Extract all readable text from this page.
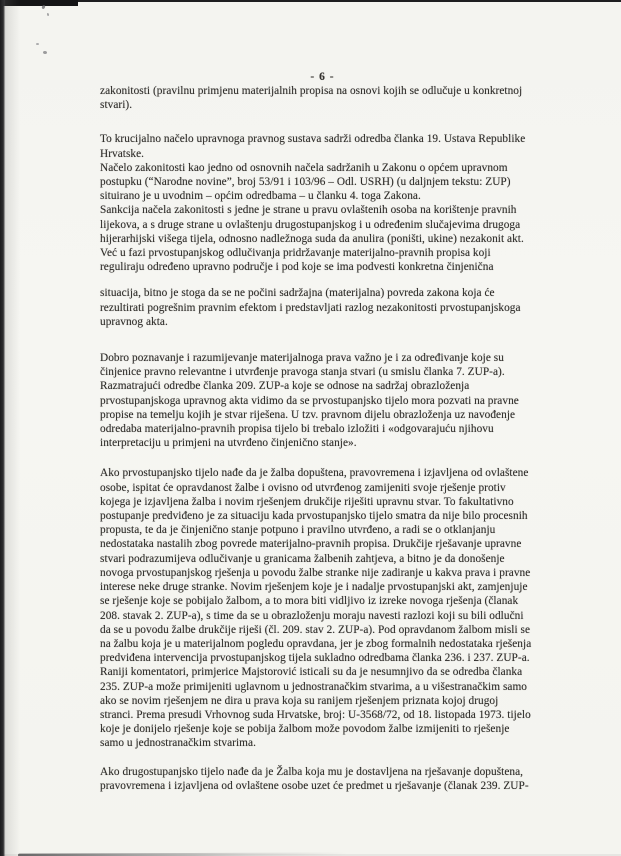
- 6 -
zakonitosti (pravilnu primjenu materijalnih propisa na osnovi kojih se odlučuje u konkretnoj
stvari).
To krucijalno načelo upravnoga pravnog sustava sadrži odredba članka 19. Ustava Republike
Hrvatske.
Načelo zakonitosti kao jedno od osnovnih načela sadržanih u Zakonu o općem upravnom
postupku (“Narodne novine”, broj 53/91 i 103/96 – Odl. USRH) (u daljnjem tekstu: ZUP)
situirano je u uvodnim – općim odredbama – u članku 4. toga Zakona.
Sankcija načela zakonitosti s jedne je strane u pravu ovlaštenih osoba na korištenje pravnih
lijekova, a s druge strane u ovlaštenju drugostupanjskog i u određenim slučajevima drugoga
hijerarhijski višega tijela, odnosno nadležnoga suda da anulira (poništi, ukine) nezakonit akt.
Već u fazi prvostupanjskog odlučivanja pridržavanje materijalno-pravnih propisa koji
reguliraju određeno upravno područje i pod koje se ima podvesti konkretna činjenična
situacija, bitno je stoga da se ne počini sadržajna (materijalna) povreda zakona koja će
rezultirati pogrešnim pravnim efektom i predstavljati razlog nezakonitosti prvostupanjskoga
upravnog akta.
Dobro poznavanje i razumijevanje materijalnoga prava važno je i za određivanje koje su
činjenice pravno relevantne i utvrđenje pravoga stanja stvari (u smislu članka 7. ZUP-a).
Razmatrajući odredbe članka 209. ZUP-a koje se odnose na sadržaj obrazloženja
prvostupanjskoga upravnog akta vidimo da se prvostupanjsko tijelo mora pozvati na pravne
propise na temelju kojih je stvar riješena. U tzv. pravnom dijelu obrazloženja uz navođenje
odredaba materijalno-pravnih propisa tijelo bi trebalo izložiti i «odgovarajuću njihovu
interpretaciju u primjeni na utvrđeno činjenično stanje».
Ako prvostupanjsko tijelo nađe da je žalba dopuštena, pravovremena i izjavljena od ovlaštene
osobe, ispitat će opravdanost žalbe i ovisno od utvrđenog zamijeniti svoje rješenje protiv
kojega je izjavljena žalba i novim rješenjem drukčije riješiti upravnu stvar. To fakultativno
postupanje predviđeno je za situaciju kada prvostupanjsko tijelo smatra da nije bilo procesnih
propusta, te da je činjenično stanje potpuno i pravilno utvrđeno, a radi se o otklanjanju
nedostataka nastalih zbog povrede materijalno-pravnih propisa. Drukčije rješavanje upravne
stvari podrazumijeva odlučivanje u granicama žalbenih zahtjeva, a bitno je da donošenje
novoga prvostupanjskog rješenja u povodu žalbe stranke nije zadiranje u kakva prava i pravne
interese neke druge stranke. Novim rješenjem koje je i nadalje prvostupanjski akt, zamjenjuje
se rješenje koje se pobijalo žalbom, a to mora biti vidljivo iz izreke novoga rješenja (članak
208. stavak 2. ZUP-a), s time da se u obrazloženju moraju navesti razlozi koji su bili odlučni
da se u povodu žalbe drukčije riješi (čl. 209. stav 2. ZUP-a). Pod opravdanom žalbom misli se
na žalbu koja je u materijalnom pogledu opravdana, jer je zbog formalnih nedostataka rješenja
predviđena intervencija prvostupanjskog tijela sukladno odredbama članka 236. i 237. ZUP-a.
Raniji komentatori, primjerice Majstorović isticali su da je nesumnjivo da se odredba članka
235. ZUP-a može primijeniti uglavnom u jednostranačkim stvarima, a u višestranačkim samo
ako se novim rješenjem ne dira u prava koja su ranijem rješenjem priznata kojoj drugoj
stranci. Prema presudi Vrhovnog suda Hrvatske, broj: U-3568/72, od 18. listopada 1973. tijelo
koje je donijelo rješenje koje se pobija žalbom može povodom žalbe izmijeniti to rješenje
samo u jednostranačkim stvarima.
Ako drugostupanjsko tijelo nađe da je Žalba koja mu je dostavljena na rješavanje dopuštena,
pravovremena i izjavljena od ovlaštene osobe uzet će predmet u rješavanje (članak 239. ZUP-
